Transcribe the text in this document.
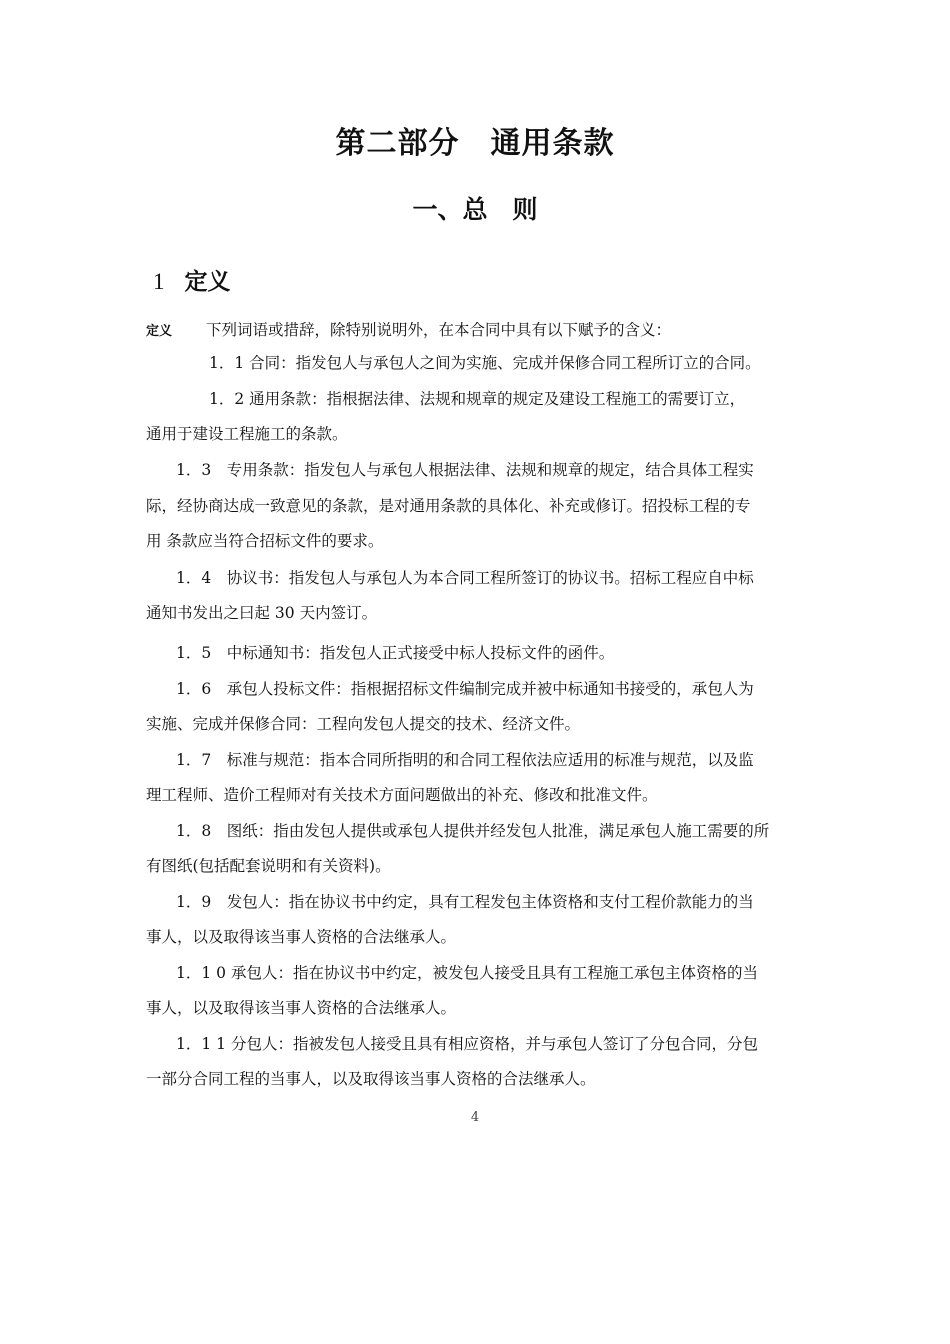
第二部分　通用条款
一、总　则
1 定义
定义 下列词语或措辞，除特别说明外，在本合同中具有以下赋予的含义：
1．1 合同：指发包人与承包人之间为实施、完成并保修合同工程所订立的合同。
1．2 通用条款：指根据法律、法规和规章的规定及建设工程施工的需要订立，
通用于建设工程施工的条款。
1．3　专用条款：指发包人与承包人根据法律、法规和规章的规定，结合具体工程实
际，经协商达成一致意见的条款，是对通用条款的具体化、补充或修订。招投标工程的专
用 条款应当符合招标文件的要求。
1．4　协议书：指发包人与承包人为本合同工程所签订的协议书。招标工程应自中标
通知书发出之曰起 30 天内签订。
1．5　中标通知书：指发包人正式接受中标人投标文件的函件。
1．6　承包人投标文件：指根据招标文件编制完成并被中标通知书接受的，承包人为
实施、完成并保修合同：工程向发包人提交的技术、经济文件。
1．7　标准与规范：指本合同所指明的和合同工程依法应适用的标准与规范，以及监
理工程师、造价工程师对有关技术方面问题做出的补充、修改和批准文件。
1．8　图纸：指由发包人提供或承包人提供并经发包人批准，满足承包人施工需要的所
有图纸(包括配套说明和有关资料)。
1．9　发包人：指在协议书中约定，具有工程发包主体资格和支付工程价款能力的当
事人，以及取得该当事人资格的合法继承人。
1．1 0 承包人：指在协议书中约定，被发包人接受且具有工程施工承包主体资格的当
事人，以及取得该当事人资格的合法继承人。
1．1 1 分包人：指被发包人接受且具有相应资格，并与承包人签订了分包合同，分包
一部分合同工程的当事人，以及取得该当事人资格的合法继承人。
4
